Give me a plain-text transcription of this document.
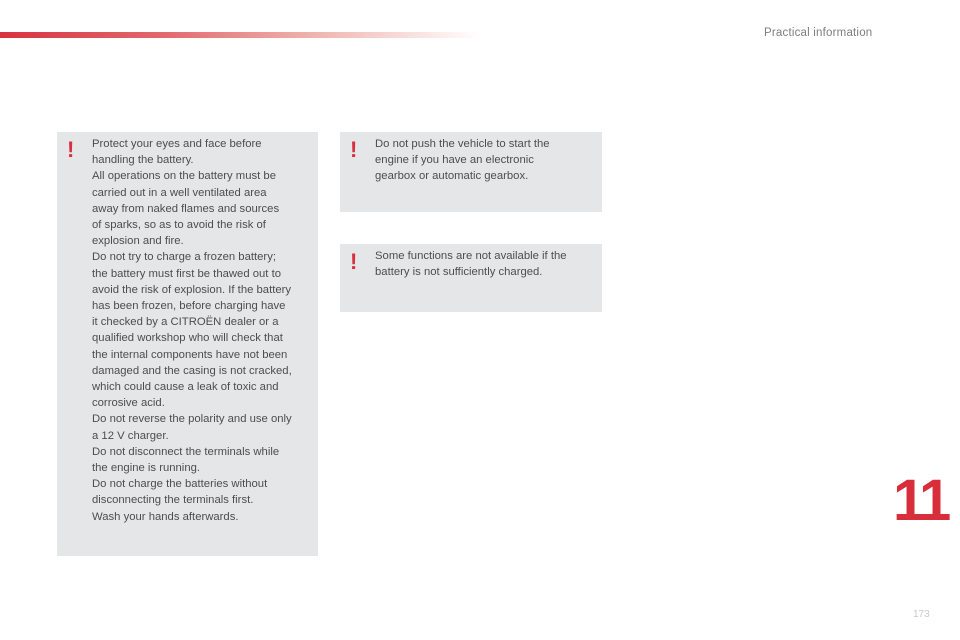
Practical information
! Protect your eyes and face before
handling the battery.
All operations on the battery must be
carried out in a well ventilated area
away from naked flames and sources
of sparks, so as to avoid the risk of
explosion and fire.
Do not try to charge a frozen battery;
the battery must first be thawed out to
avoid the risk of explosion. If the battery
has been frozen, before charging have
it checked by a CITROËN dealer or a
qualified workshop who will check that
the internal components have not been
damaged and the casing is not cracked,
which could cause a leak of toxic and
corrosive acid.
Do not reverse the polarity and use only
a 12 V charger.
Do not disconnect the terminals while
the engine is running.
Do not charge the batteries without
disconnecting the terminals first.
Wash your hands afterwards.
! Do not push the vehicle to start the
engine if you have an electronic
gearbox or automatic gearbox.
! Some functions are not available if the
battery is not sufficiently charged.
11
173
